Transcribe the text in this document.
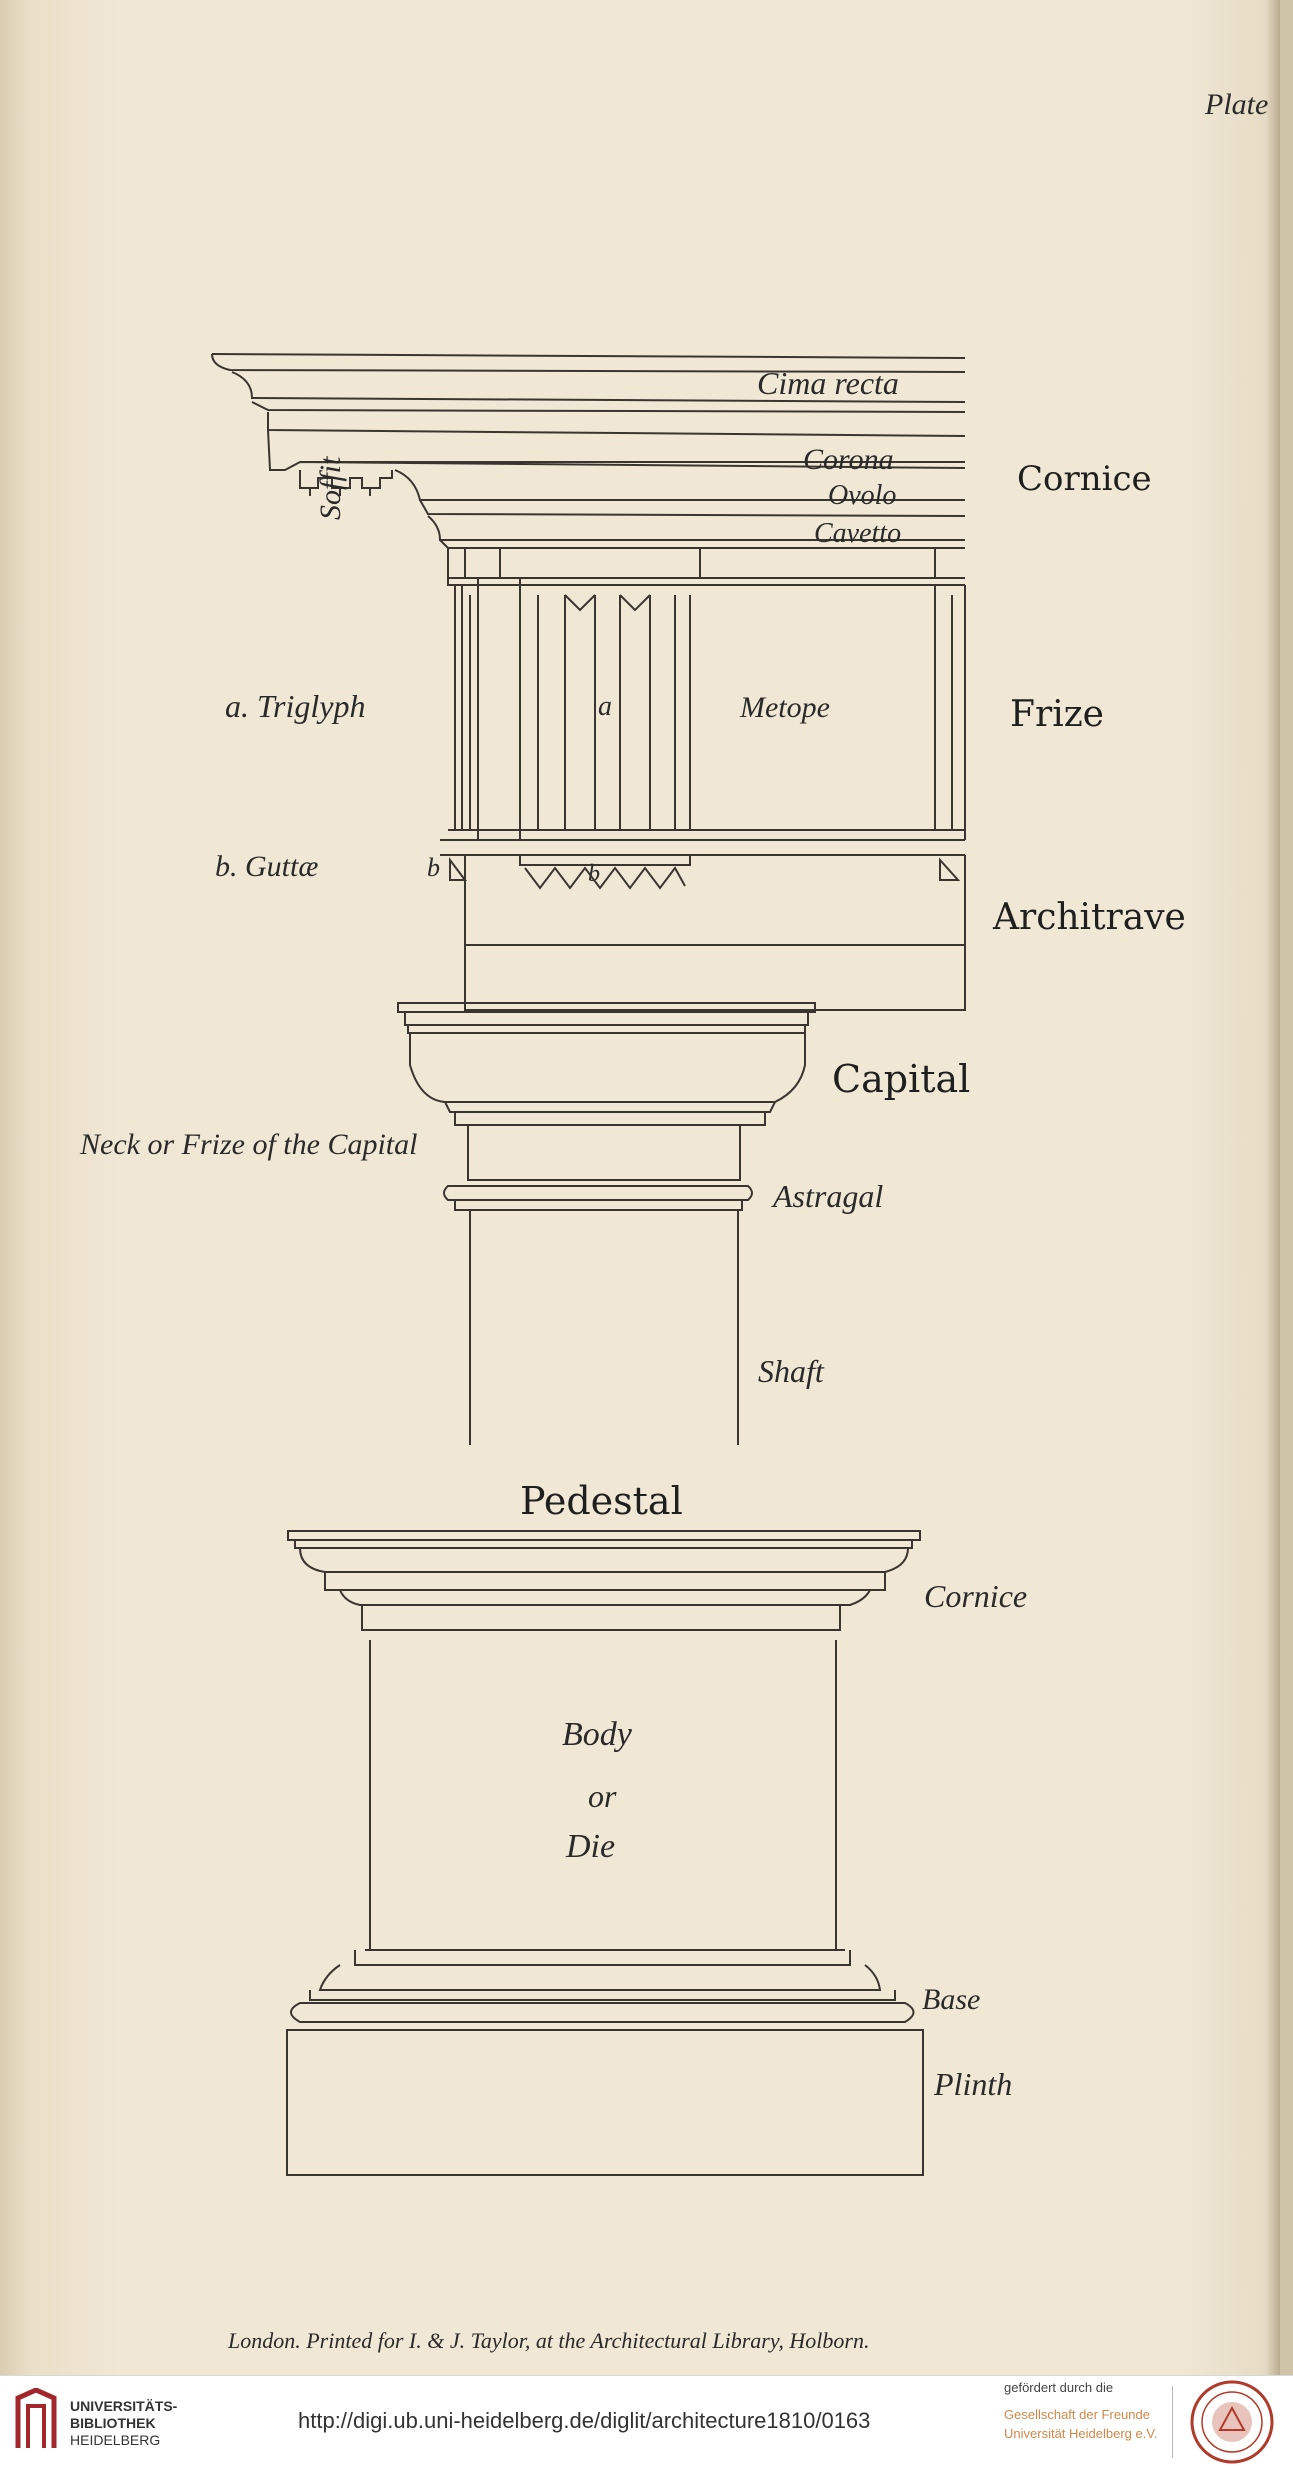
Plate
Cima recta
Corona
Ovolo
Cavetto
Cornice
Soffit
a. Triglyph	a	Metope	Frize
b. Guttæ	b	b
Architrave
Capital
Neck or Frize of the Capital
Astragal
Shaft
Pedestal
Cornice
Body
or
Die
Base
Plinth
London. Printed for I. & J. Taylor, at the Architectural Library, Holborn.
UNIVERSITÄTS-
BIBLIOTHEK
HEIDELBERG
http://digi.ub.uni-heidelberg.de/diglit/architecture1810/0163
gefördert durch die
Gesellschaft der Freunde
Universität Heidelberg e.V.
